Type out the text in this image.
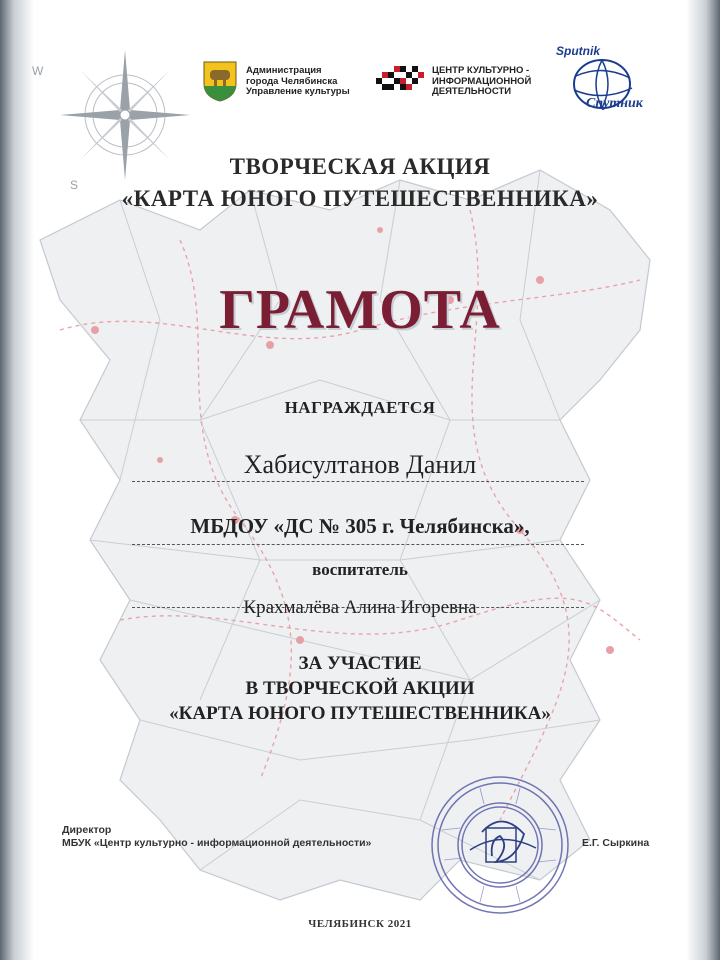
W
S
Администрация
города Челябинска
Управление культуры
ЦЕНТР КУЛЬТУРНО -
ИНФОРМАЦИОННОЙ
ДЕЯТЕЛЬНОСТИ
Sputnik
Спутник
ТВОРЧЕСКАЯ АКЦИЯ
«КАРТА ЮНОГО ПУТЕШЕСТВЕННИКА»
ГРАМОТА
НАГРАЖДАЕТСЯ
Хабисултанов Данил
МБДОУ «ДС № 305 г. Челябинска»,
воспитатель
Крахмалёва Алина Игоревна
ЗА УЧАСТИЕ
В ТВОРЧЕСКОЙ АКЦИИ
«КАРТА ЮНОГО ПУТЕШЕСТВЕННИКА»
Директор
МБУК «Центр культурно - информационной деятельности»	Е.Г. Сыркина
ЧЕЛЯБИНСК 2021
